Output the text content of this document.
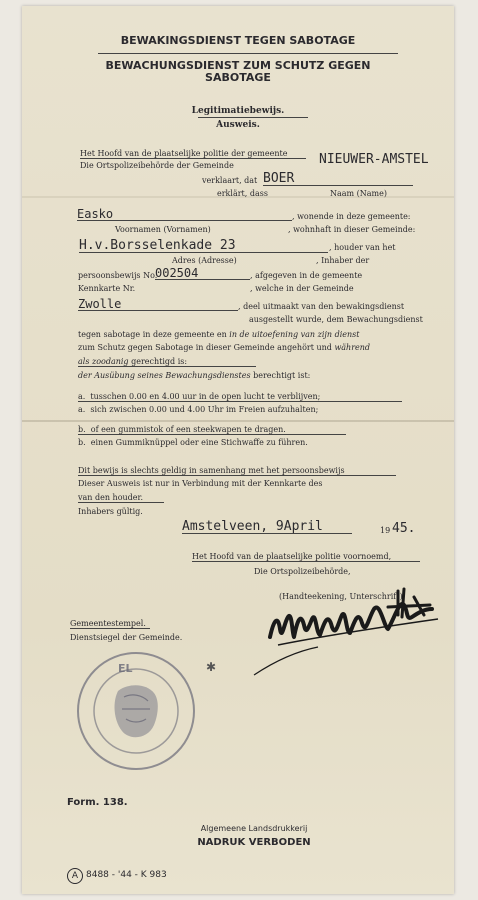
BEWAKINGSDIENST TEGEN SABOTAGE
BEWACHUNGSDIENST ZUM SCHUTZ GEGEN
SABOTAGE
Legitimatiebewijs.
Ausweis.
Het Hoofd van de plaatselijke politie der gemeente
Die Ortspolizeibehörde der Gemeinde	NIEUWER-AMSTEL
verklaart, dat BOER
erklärt, dass	Naam (Name)
Easko	, wonende in deze gemeente:
Voornamen (Vornamen)	, wohnhaft in dieser Gemeinde:
H.v.Borsselenkade 23	, houder van het
Adres (Adresse)	, Inhaber der
persoonsbewijs No.
002504	, afgegeven in de gemeente
Kennkarte Nr.	, welche in der Gemeinde
Zwolle	, deel uitmaakt van den bewakingsdienst
ausgestellt wurde, dem Bewachungsdienst
tegen sabotage in deze gemeente en in de uitoefening van zijn dienst
zum Schutz gegen Sabotage in dieser Gemeinde angehört und während
als zoodanig gerechtigd is:
der Ausübung seines Bewachungsdienstes berechtigt ist:
a. tusschen 0.00 en 4.00 uur in de open lucht te verblijven;
a. sich zwischen 0.00 und 4.00 Uhr im Freien aufzuhalten;
b. of een gummistok of een steekwapen te dragen.
b. einen Gummiknüppel oder eine Stichwaffe zu führen.
Dit bewijs is slechts geldig in samenhang met het persoonsbewijs
Dieser Ausweis ist nur in Verbindung mit der Kennkarte des
van den houder.
Inhabers gültig.
Amstelveen, 9April	19 45.
Het Hoofd van de plaatselijke politie voornoemd,
Die Ortspolizeibehörde,
(Handteekening, Unterschrift)
Gemeentestempel.
Dienstsiegel der Gemeinde.
EL	✱
Form. 138.
Algemeene Landsdrukkerij
NADRUK VERBODEN
A 8488 - '44 - K 983
